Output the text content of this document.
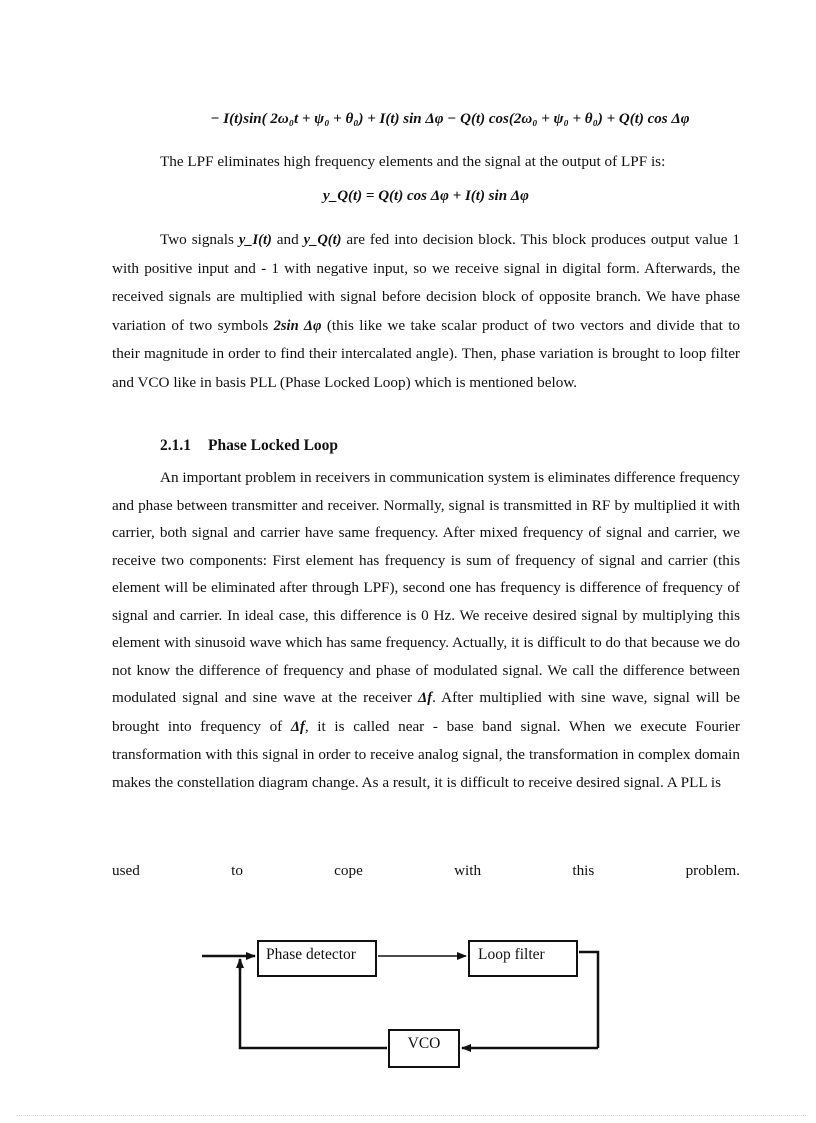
− I(t)sin( 2ω₀t + ψ₀ + θ₀) + I(t) sin Δφ − Q(t) cos(2ω₀ + ψ₀ + θ₀) + Q(t) cos Δφ
The LPF eliminates high frequency elements and the signal at the output of LPF is:
y_Q(t) = Q(t) cos Δφ + I(t) sin Δφ
Two signals y_I(t) and y_Q(t) are fed into decision block. This block produces output value 1 with positive input and - 1 with negative input, so we receive signal in digital form. Afterwards, the received signals are multiplied with signal before decision block of opposite branch. We have phase variation of two symbols 2sin Δφ (this like we take scalar product of two vectors and divide that to their magnitude in order to find their intercalated angle). Then, phase variation is brought to loop filter and VCO like in basis PLL (Phase Locked Loop) which is mentioned below.
2.1.1 Phase Locked Loop
An important problem in receivers in communication system is eliminates difference frequency and phase between transmitter and receiver. Normally, signal is transmitted in RF by multiplied it with carrier, both signal and carrier have same frequency. After mixed frequency of signal and carrier, we receive two components: First element has frequency is sum of frequency of signal and carrier (this element will be eliminated after through LPF), second one has frequency is difference of frequency of signal and carrier. In ideal case, this difference is 0 Hz. We receive desired signal by multiplying this element with sinusoid wave which has same frequency. Actually, it is difficult to do that because we do not know the difference of frequency and phase of modulated signal. We call the difference between modulated signal and sine wave at the receiver Δf. After multiplied with sine wave, signal will be brought into frequency of Δf, it is called near - base band signal. When we execute Fourier transformation with this signal in order to receive analog signal, the transformation in complex domain makes the constellation diagram change. As a result, it is difficult to receive desired signal. A PLL is
used	to	cope	with	this	problem.
Phase detector	Loop filter
VCO
